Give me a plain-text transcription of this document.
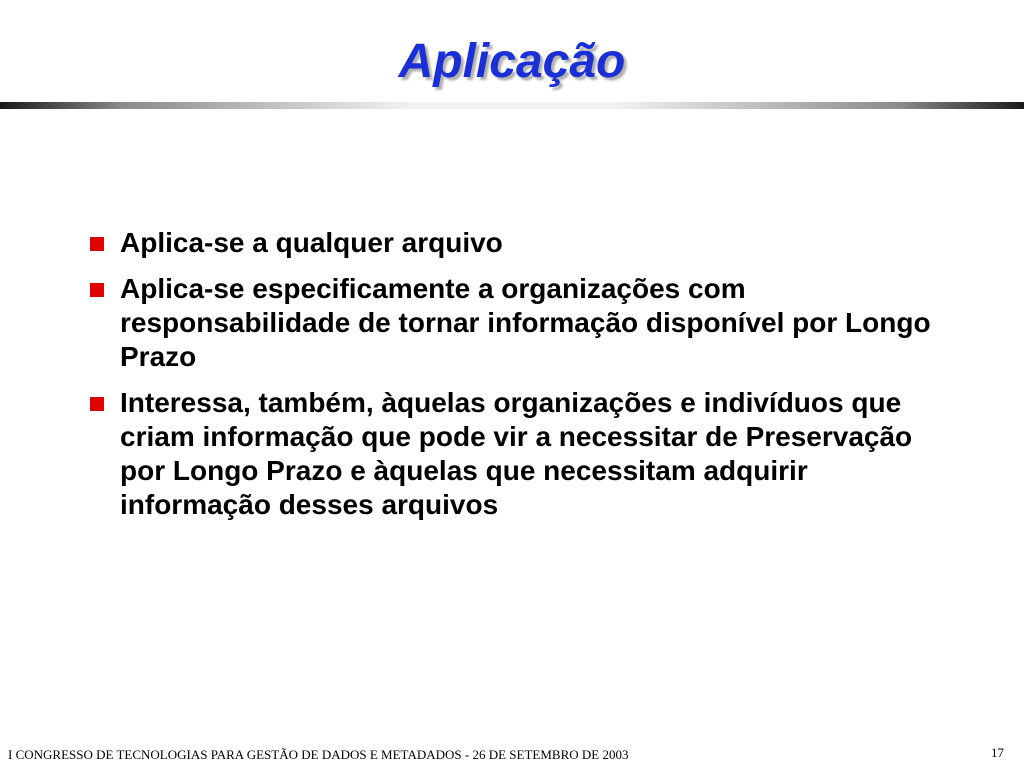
Aplicação
Aplica-se a qualquer arquivo
Aplica-se especificamente a organizações com responsabilidade de tornar informação disponível por Longo Prazo
Interessa, também, àquelas organizações e indivíduos que criam informação que pode vir a necessitar de Preservação por Longo Prazo e àquelas que necessitam adquirir informação desses arquivos
I CONGRESSO DE TECNOLOGIAS PARA GESTÃO DE DADOS E METADADOS - 26 DE SETEMBRO DE 2003	17
